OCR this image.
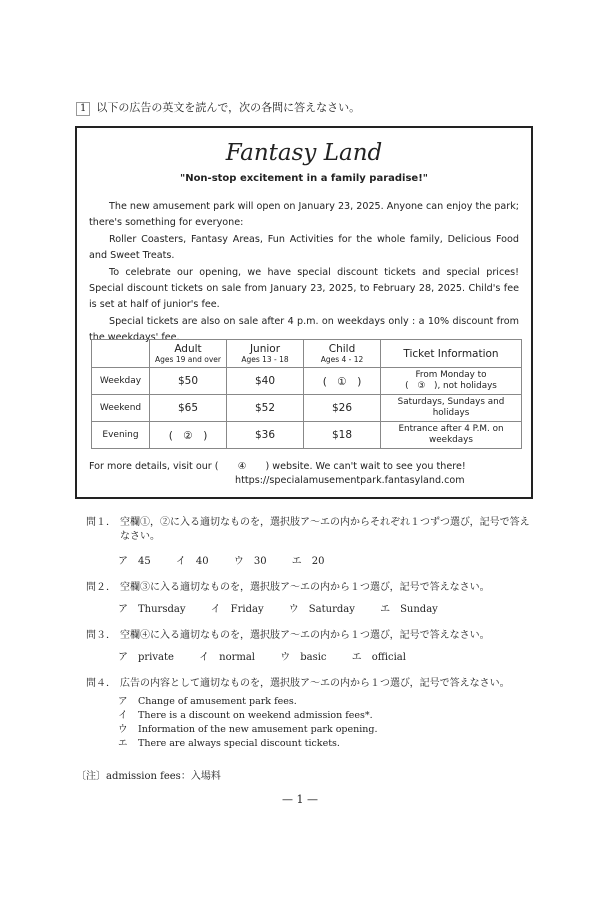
1 以下の広告の英文を読んで，次の各問に答えなさい。
Fantasy Land
"Non-stop excitement in a family paradise!"

The new amusement park will open on January 23, 2025. Anyone can enjoy the park; there's something for everyone:

Roller Coasters, Fantasy Areas, Fun Activities for the whole family, Delicious Food and Sweet Treats.

To celebrate our opening, we have special discount tickets and special prices! Special discount tickets on sale from January 23, 2025, to February 28, 2025. Child's fee is set at half of junior's fee.

Special tickets are also on sale after 4 p.m. on weekdays only : a 10% discount from the weekdays' fee.

	Adult
Ages 19 and over	Junior
Ages 13 - 18	Child
Ages 4 - 12	Ticket Information

Weekday	$50	$40	(　①　)	From Monday to
(　③　), not holidays

Weekend	$65	$52	$26	Saturdays, Sundays and
holidays

Evening	(　②　)	$36	$18	Entrance after 4 P.M. on
weekdays
For more details, visit our (　　④　　) website. We can't wait to see you there!
https://specialamusementpark.fantasyland.com
問１． 空欄①，②に入る適切なものを，選択肢ア～エの内からそれぞれ１つずつ選び，記号で答えなさい。
ア 45	イ 40	ウ 30	エ 20
問２． 空欄③に入る適切なものを，選択肢ア～エの内から１つ選び，記号で答えなさい。
ア Thursday	イ Friday	ウ Saturday	エ Sunday
問３． 空欄④に入る適切なものを，選択肢ア～エの内から１つ選び，記号で答えなさい。
ア private	イ normal	ウ basic	エ official
問４． 広告の内容として適切なものを，選択肢ア～エの内から１つ選び，記号で答えなさい。
ア Change of amusement park fees.
イ There is a discount on weekend admission fees*.
ウ Information of the new amusement park opening.
エ There are always special discount tickets.
〔注〕admission fees：入場料
— 1 —
